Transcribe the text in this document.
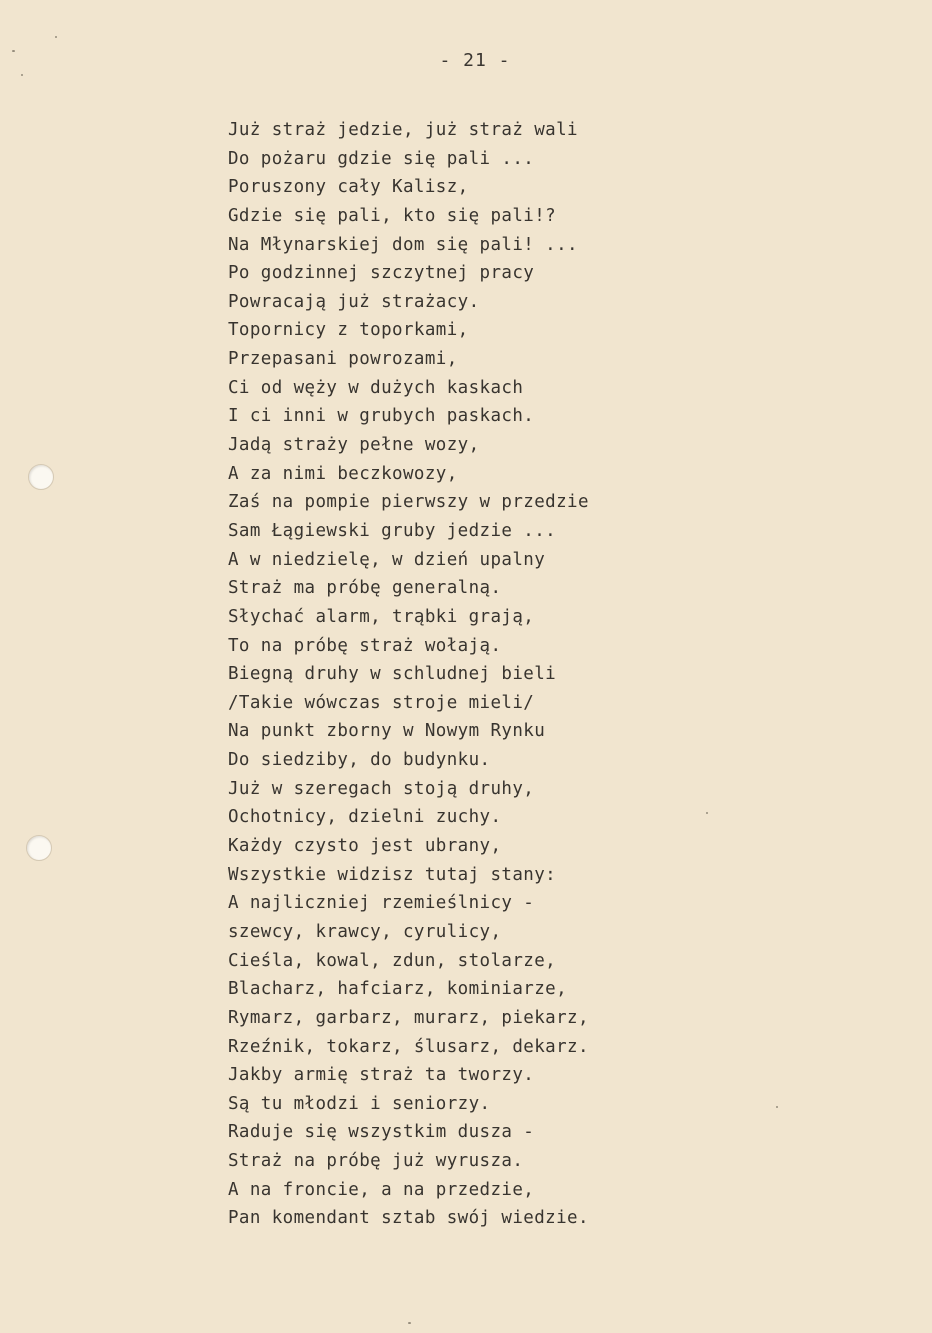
- 21 -
Już straż jedzie, już straż wali
Do pożaru gdzie się pali ...
Poruszony cały Kalisz,
Gdzie się pali, kto się pali!?
Na Młynarskiej dom się pali! ...
Po godzinnej szczytnej pracy
Powracają już strażacy.
Topornicy z toporkami,
Przepasani powrozami,
Ci od węży w dużych kaskach
I ci inni w grubych paskach.
Jadą straży pełne wozy,
A za nimi beczkowozy,
Zaś na pompie pierwszy w przedzie
Sam Łągiewski gruby jedzie ...
A w niedzielę, w dzień upalny
Straż ma próbę generalną.
Słychać alarm, trąbki grają,
To na próbę straż wołają.
Biegną druhy w schludnej bieli
/Takie wówczas stroje mieli/
Na punkt zborny w Nowym Rynku
Do siedziby, do budynku.
Już w szeregach stoją druhy,
Ochotnicy, dzielni zuchy.
Każdy czysto jest ubrany,
Wszystkie widzisz tutaj stany:
A najliczniej rzemieślnicy -
szewcy, krawcy, cyrulicy,
Cieśla, kowal, zdun, stolarze,
Blacharz, hafciarz, kominiarze,
Rymarz, garbarz, murarz, piekarz,
Rzeźnik, tokarz, ślusarz, dekarz.
Jakby armię straż ta tworzy.
Są tu młodzi i seniorzy.
Raduje się wszystkim dusza -
Straż na próbę już wyrusza.
A na froncie, a na przedzie,
Pan komendant sztab swój wiedzie.
